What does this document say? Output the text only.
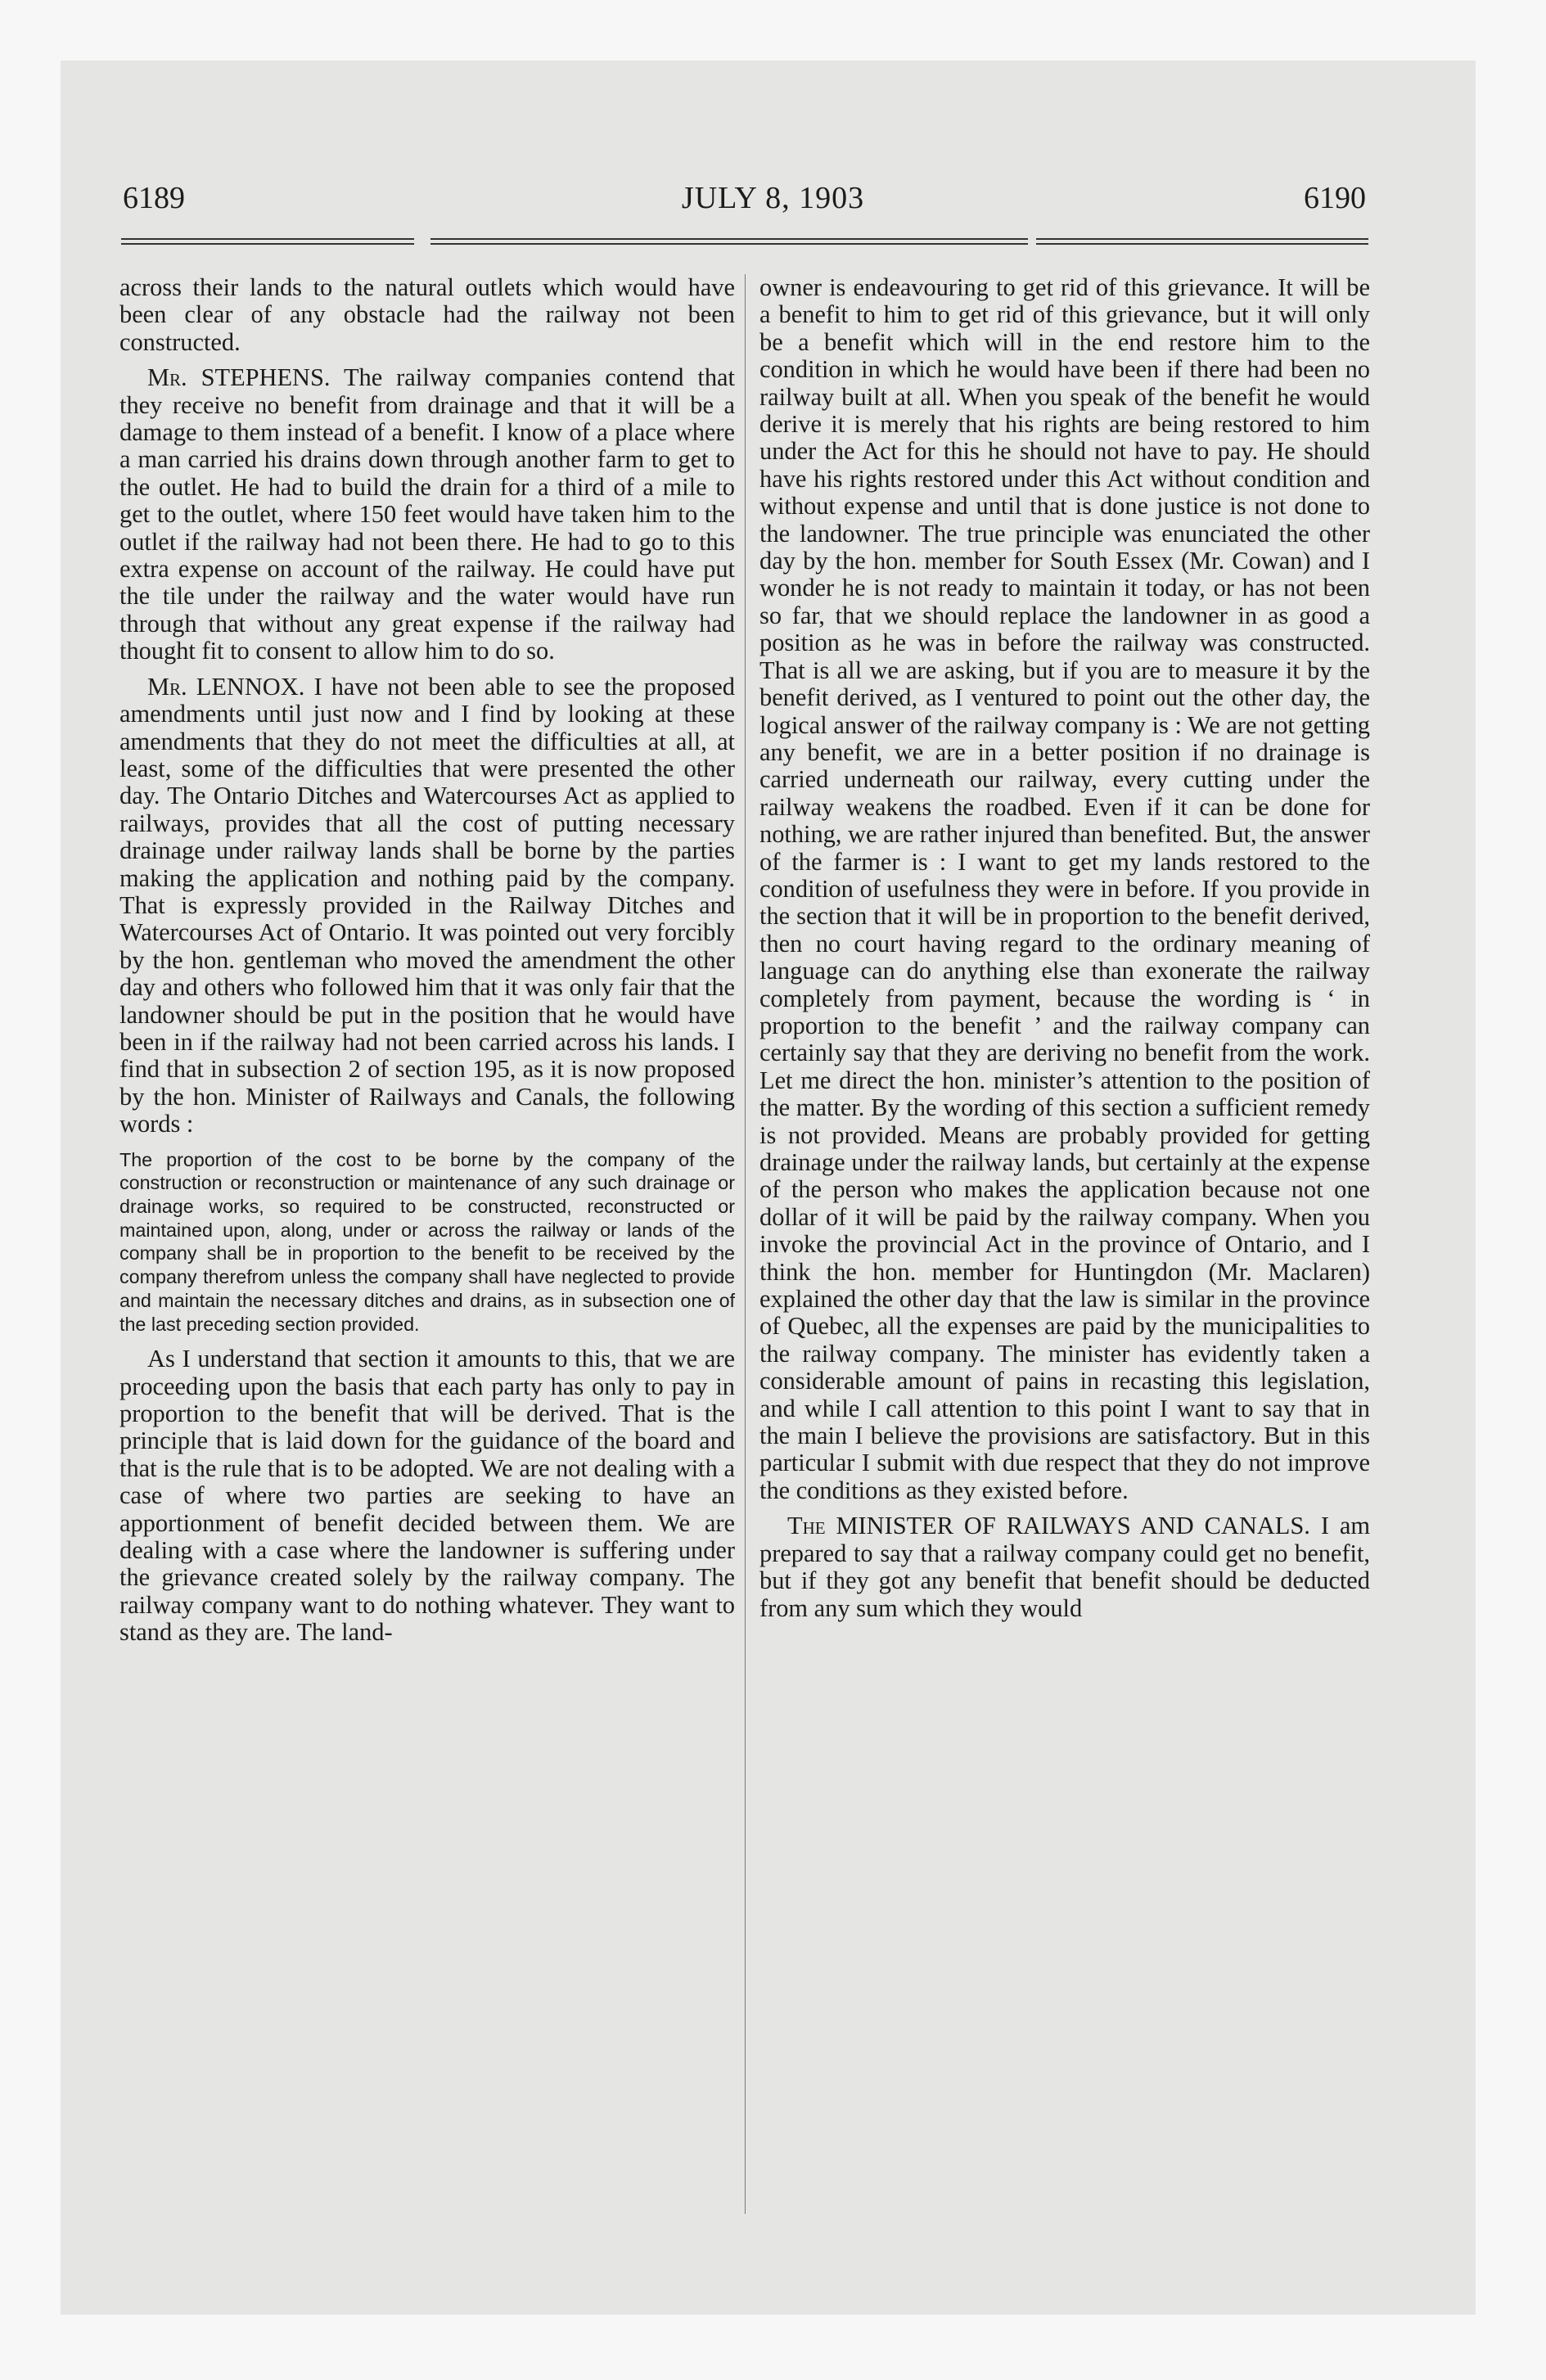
6189	JULY 8, 1903	6190

across their lands to the natural outlets which would have been clear of any obstacle had the railway not been constructed.

Mr. STEPHENS. The railway companies contend that they receive no benefit from drainage and that it will be a damage to them instead of a benefit. I know of a place where a man carried his drains down through another farm to get to the outlet. He had to build the drain for a third of a mile to get to the outlet, where 150 feet would have taken him to the outlet if the railway had not been there. He had to go to this extra expense on account of the railway. He could have put the tile under the railway and the water would have run through that without any great expense if the railway had thought fit to consent to allow him to do so.

Mr. LENNOX. I have not been able to see the proposed amendments until just now and I find by looking at these amendments that they do not meet the difficulties at all, at least, some of the difficulties that were presented the other day. The Ontario Ditches and Watercourses Act as applied to railways, provides that all the cost of putting necessary drainage under railway lands shall be borne by the parties making the application and nothing paid by the company. That is expressly provided in the Railway Ditches and Watercourses Act of Ontario. It was pointed out very forcibly by the hon. gentleman who moved the amendment the other day and others who followed him that it was only fair that the landowner should be put in the position that he would have been in if the railway had not been carried across his lands. I find that in subsection 2 of section 195, as it is now proposed by the hon. Minister of Railways and Canals, the following words :

The proportion of the cost to be borne by the company of the construction or reconstruction or maintenance of any such drainage or drainage works, so required to be constructed, reconstructed or maintained upon, along, under or across the railway or lands of the company shall be in proportion to the benefit to be received by the company therefrom unless the company shall have neglected to provide and maintain the necessary ditches and drains, as in subsection one of the last preceding section provided.

As I understand that section it amounts to this, that we are proceeding upon the basis that each party has only to pay in proportion to the benefit that will be derived. That is the principle that is laid down for the guidance of the board and that is the rule that is to be adopted. We are not dealing with a case of where two parties are seeking to have an apportionment of benefit decided between them. We are dealing with a case where the landowner is suffering under the grievance created solely by the railway company. The railway company want to do nothing whatever. They want to stand as they are. The land-

owner is endeavouring to get rid of this grievance. It will be a benefit to him to get rid of this grievance, but it will only be a benefit which will in the end restore him to the condition in which he would have been if there had been no railway built at all. When you speak of the benefit he would derive it is merely that his rights are being restored to him under the Act for this he should not have to pay. He should have his rights restored under this Act without condition and without expense and until that is done justice is not done to the landowner. The true principle was enunciated the other day by the hon. member for South Essex (Mr. Cowan) and I wonder he is not ready to maintain it today, or has not been so far, that we should replace the landowner in as good a position as he was in before the railway was constructed. That is all we are asking, but if you are to measure it by the benefit derived, as I ventured to point out the other day, the logical answer of the railway company is : We are not getting any benefit, we are in a better position if no drainage is carried underneath our railway, every cutting under the railway weakens the roadbed. Even if it can be done for nothing, we are rather injured than benefited. But, the answer of the farmer is : I want to get my lands restored to the condition of usefulness they were in before. If you provide in the section that it will be in proportion to the benefit derived, then no court having regard to the ordinary meaning of language can do anything else than exonerate the railway completely from payment, because the wording is ‘ in proportion to the benefit ’ and the railway company can certainly say that they are deriving no benefit from the work. Let me direct the hon. minister’s attention to the position of the matter. By the wording of this section a sufficient remedy is not provided. Means are probably provided for getting drainage under the railway lands, but certainly at the expense of the person who makes the application because not one dollar of it will be paid by the railway company. When you invoke the provincial Act in the province of Ontario, and I think the hon. member for Huntingdon (Mr. Maclaren) explained the other day that the law is similar in the province of Quebec, all the expenses are paid by the municipalities to the railway company. The minister has evidently taken a considerable amount of pains in recasting this legislation, and while I call attention to this point I want to say that in the main I believe the provisions are satisfactory. But in this particular I submit with due respect that they do not improve the conditions as they existed before.

The MINISTER OF RAILWAYS AND CANALS. I am prepared to say that a railway company could get no benefit, but if they got any benefit that benefit should be deducted from any sum which they would
